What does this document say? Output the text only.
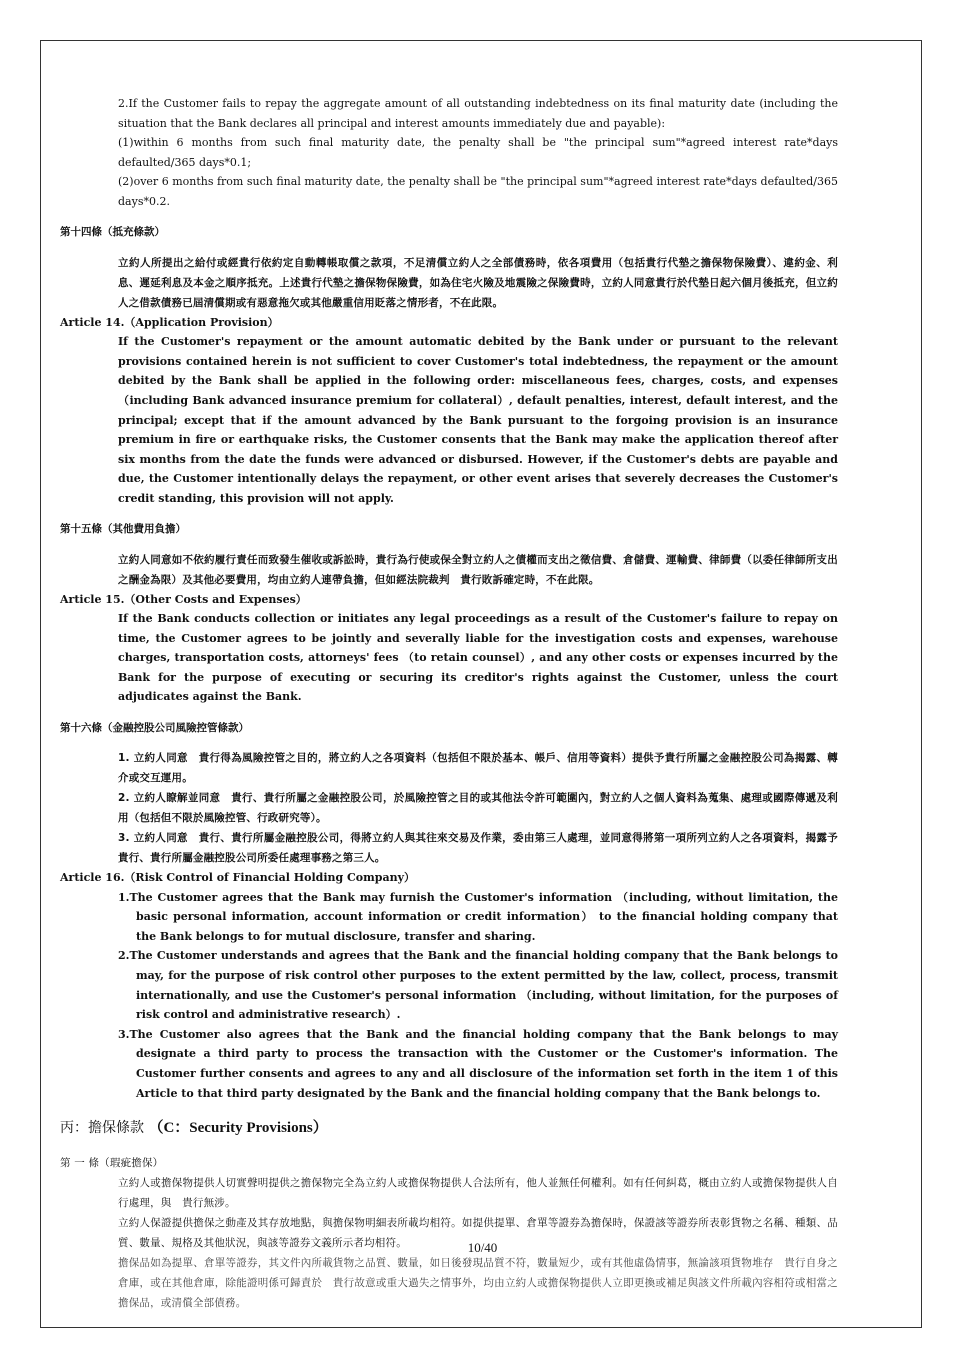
2.If the Customer fails to repay the aggregate amount of all outstanding indebtedness on its final maturity date (including the situation that the Bank declares all principal and interest amounts immediately due and payable):

(1)within 6 months from such final maturity date, the penalty shall be "the principal sum"*agreed interest rate*days defaulted/365 days*0.1;

(2)over 6 months from such final maturity date, the penalty shall be "the principal sum"*agreed interest rate*days defaulted/365 days*0.2.

第十四條（抵充條款）

立約人所提出之給付或經貴行依約定自動轉帳取償之款項，不足清償立約人之全部債務時，依各項費用（包括貴行代墊之擔保物保險費）、違約金、利息、遲延利息及本金之順序抵充。上述貴行代墊之擔保物保險費，如為住宅火險及地震險之保險費時，立約人同意貴行於代墊日起六個月後抵充，但立約人之借款債務已屆清償期或有惡意拖欠或其他嚴重信用貶落之情形者，不在此限。

Article 14.（Application Provision）

If the Customer's repayment or the amount automatic debited by the Bank under or pursuant to the relevant provisions contained herein is not sufficient to cover Customer's total indebtedness, the repayment or the amount debited by the Bank shall be applied in the following order: miscellaneous fees, charges, costs, and expenses（including Bank advanced insurance premium for collateral）, default penalties, interest, default interest, and the principal; except that if the amount advanced by the Bank pursuant to the forgoing provision is an insurance premium in fire or earthquake risks, the Customer consents that the Bank may make the application thereof after six months from the date the funds were advanced or disbursed. However, if the Customer's debts are payable and due, the Customer intentionally delays the repayment, or other event arises that severely decreases the Customer's credit standing, this provision will not apply.

第十五條（其他費用負擔）

立約人同意如不依約履行責任而致發生催收或訴訟時，貴行為行使或保全對立約人之債權而支出之徵信費、倉儲費、運輸費、律師費（以委任律師所支出之酬金為限）及其他必要費用，均由立約人連帶負擔，但如經法院裁判　貴行敗訴確定時，不在此限。

Article 15.（Other Costs and Expenses）

If the Bank conducts collection or initiates any legal proceedings as a result of the Customer's failure to repay on time, the Customer agrees to be jointly and severally liable for the investigation costs and expenses, warehouse charges, transportation costs, attorneys' fees （to retain counsel）, and any other costs or expenses incurred by the Bank for the purpose of executing or securing its creditor's rights against the Customer, unless the court adjudicates against the Bank.

第十六條（金融控股公司風險控管條款）

1. 立約人同意　貴行得為風險控管之目的，將立約人之各項資料（包括但不限於基本、帳戶、信用等資料）提供予貴行所屬之金融控股公司為揭露、轉介或交互運用。

2. 立約人瞭解並同意　貴行、貴行所屬之金融控股公司，於風險控管之目的或其他法令許可範圍內，對立約人之個人資料為蒐集、處理或國際傳遞及利用（包括但不限於風險控管、行政研究等）。

3. 立約人同意　貴行、貴行所屬金融控股公司，得將立約人與其往來交易及作業，委由第三人處理，並同意得將第一項所列立約人之各項資料，揭露予　貴行、貴行所屬金融控股公司所委任處理事務之第三人。

Article 16.（Risk Control of Financial Holding Company）

1.The Customer agrees that the Bank may furnish the Customer's information （including, without limitation, the basic personal information, account information or credit information） to the financial holding company that the Bank belongs to for mutual disclosure, transfer and sharing.

2.The Customer understands and agrees that the Bank and the financial holding company that the Bank belongs to may, for the purpose of risk control other purposes to the extent permitted by the law, collect, process, transmit internationally, and use the Customer's personal information （including, without limitation, for the purposes of risk control and administrative research）.

3.The Customer also agrees that the Bank and the financial holding company that the Bank belongs to may designate a third party to process the transaction with the Customer or the Customer's information. The Customer further consents and agrees to any and all disclosure of the information set forth in the item 1 of this Article to that third party designated by the Bank and the financial holding company that the Bank belongs to.

丙：擔保條款 （C：Security Provisions）

第 一 條（瑕疵擔保）

立約人或擔保物提供人切實聲明提供之擔保物完全為立約人或擔保物提供人合法所有，他人並無任何權利。如有任何糾葛，概由立約人或擔保物提供人自行處理，與　貴行無涉。

立約人保證提供擔保之動產及其存放地點，與擔保物明細表所載均相符。如提供提單、倉單等證券為擔保時，保證該等證券所表彰貨物之名稱、種類、品質、數量、規格及其他狀況，與該等證券文義所示者均相符。

擔保品如為提單、倉單等證券，其文件內所載貨物之品質、數量，如日後發現品質不符，數量短少，或有其他虛偽情事，無論該項貨物堆存　貴行自身之倉庫，或在其他倉庫，除能證明係可歸責於　貴行故意或重大過失之情事外，均由立約人或擔保物提供人立即更換或補足與該文件所載內容相符或相當之擔保品，或清償全部債務。

10/40
